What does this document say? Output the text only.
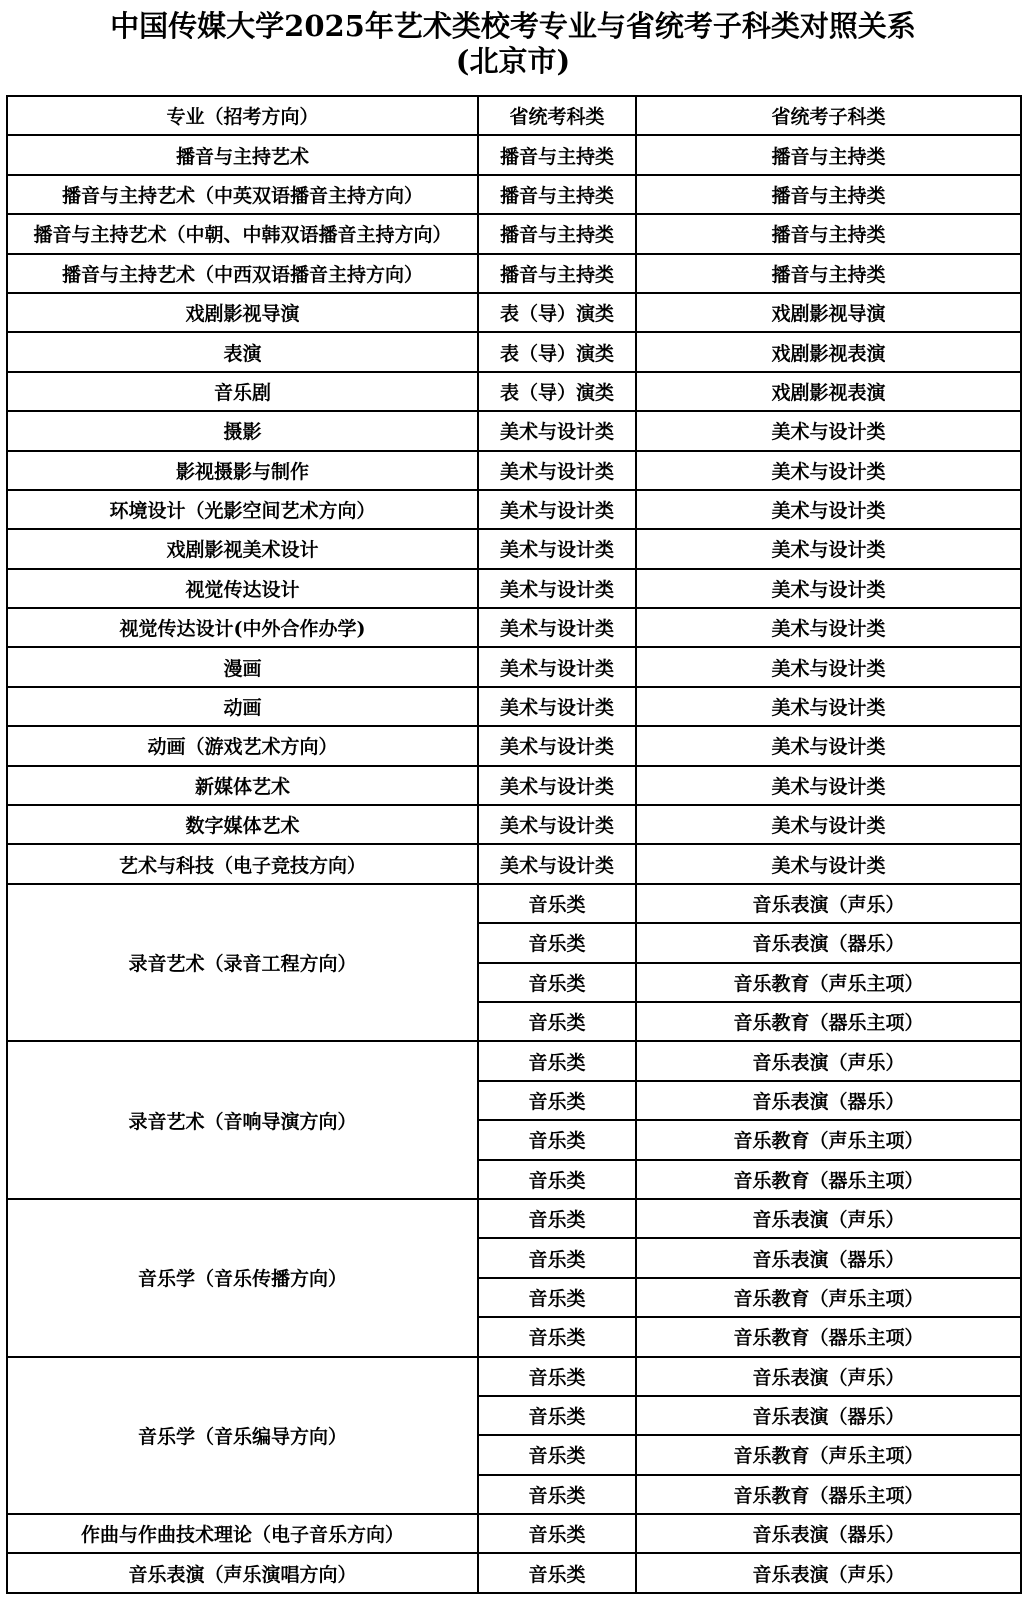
中国传媒大学2025年艺术类校考专业与省统考子科类对照关系
(北京市)
专业（招考方向）	省统考科类	省统考子科类
播音与主持艺术	播音与主持类	播音与主持类
播音与主持艺术（中英双语播音主持方向）	播音与主持类	播音与主持类
播音与主持艺术（中朝、中韩双语播音主持方向）	播音与主持类	播音与主持类
播音与主持艺术（中西双语播音主持方向）	播音与主持类	播音与主持类
戏剧影视导演	表（导）演类	戏剧影视导演
表演	表（导）演类	戏剧影视表演
音乐剧	表（导）演类	戏剧影视表演
摄影	美术与设计类	美术与设计类
影视摄影与制作	美术与设计类	美术与设计类
环境设计（光影空间艺术方向）	美术与设计类	美术与设计类
戏剧影视美术设计	美术与设计类	美术与设计类
视觉传达设计	美术与设计类	美术与设计类
视觉传达设计(中外合作办学)	美术与设计类	美术与设计类
漫画	美术与设计类	美术与设计类
动画	美术与设计类	美术与设计类
动画（游戏艺术方向）	美术与设计类	美术与设计类
新媒体艺术	美术与设计类	美术与设计类
数字媒体艺术	美术与设计类	美术与设计类
艺术与科技（电子竞技方向）	美术与设计类	美术与设计类
录音艺术（录音工程方向）	音乐类	音乐表演（声乐）
	音乐类	音乐表演（器乐）
	音乐类	音乐教育（声乐主项）
	音乐类	音乐教育（器乐主项）
录音艺术（音响导演方向）	音乐类	音乐表演（声乐）
	音乐类	音乐表演（器乐）
	音乐类	音乐教育（声乐主项）
	音乐类	音乐教育（器乐主项）
音乐学（音乐传播方向）	音乐类	音乐表演（声乐）
	音乐类	音乐表演（器乐）
	音乐类	音乐教育（声乐主项）
	音乐类	音乐教育（器乐主项）
音乐学（音乐编导方向）	音乐类	音乐表演（声乐）
	音乐类	音乐表演（器乐）
	音乐类	音乐教育（声乐主项）
	音乐类	音乐教育（器乐主项）
作曲与作曲技术理论（电子音乐方向）	音乐类	音乐表演（器乐）
音乐表演（声乐演唱方向）	音乐类	音乐表演（声乐）
